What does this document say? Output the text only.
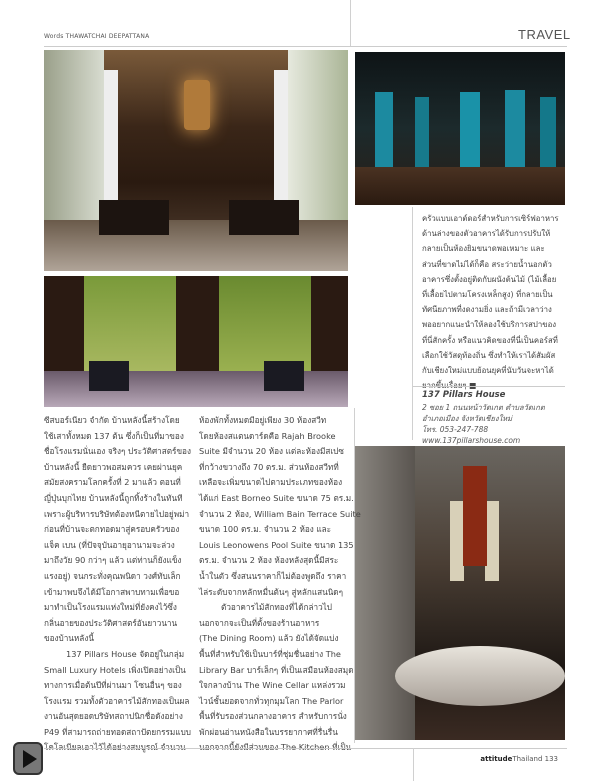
Words THAWATCHAI DEEPATTANA	TRAVEL

ครัวแบบเอาต์ดอร์สำหรับการเซิร์ฟอาหาร

ด้านล่างของตัวอาคารได้รับการปรับให้

กลายเป็นห้องยิมขนาดพอเหมาะ และ

ส่วนที่ขาดไม่ได้ก็คือ สระว่ายน้ำนอกตัว

อาคารซึ่งตั้งอยู่ติดกับผนังต้นไม้ (ไม้เลื้อย

ที่เลื้อยไปตามโครงเหล็กสูง) ที่กลายเป็น

ทัศนียภาพที่งดงามยิ่ง และถ้ามีเวลาว่าง

พออยากแนะนำให้ลองใช้บริการสปาของ

ที่นี่สักครั้ง หรือแนวคิดของที่นี่เป็นคอร์สที่

เลือกใช้วัสดุท้องถิ่น ซึ่งทำให้เราได้สัมผัส

กับเชียงใหม่แบบย้อนยุคที่นับวันจะหาได้

137 Pillars House
2 ซอย 1 ถนนหน้าวัดเกต ตำบลวัดเกต
อำเภอเมือง จังหวัดเชียงใหม่
โทร. 053-247-788
www.137pillarshouse.com

ซีสบอร์เนียว จำกัด บ้านหลังนี้สร้างโดย

ใช้เสาทั้งหมด 137 ต้น ซึ่งก็เป็นที่มาของ

ชื่อโรงแรมนั่นเอง จริงๆ ประวัติศาสตร์ของ

บ้านหลังนี้ ยืดยาวพอสมควร เคยผ่านยุค

สมัยสงครามโลกครั้งที่ 2 มาแล้ว ตอนที่

ญี่ปุ่นบุกไทย บ้านหลังนี้ถูกทิ้งร้างในทันที

เพราะผู้บริหารบริษัทต้องหนีตายไปอยู่พม่า

ก่อนที่บ้านจะตกทอดมาสู่ครอบครัวของ

แจ็ค เบน (ที่ปัจจุบันอายุอานามจะล่วง

มาถึงวัย 90 กว่าๆ แล้ว แต่ท่านก็ยังแข็ง

แรงอยู่) จนกระทั่งคุณพนิดา วงศ์ทับเล็ก

เข้ามาพบจึงได้มีโอกาสพาบทามเพื่อขอ

มาทำเป็นโรงแรมแห่งใหม่ที่ยังคงไว้ซึ่ง

กลิ่นอายของประวัติศาสตร์อันยาวนาน

ของบ้านหลังนี้

137 Pillars House จัดอยู่ในกลุ่ม

Small Luxury Hotels เพิ่งเปิดอย่างเป็น

ทางการเมื่อต้นปีที่ผ่านมา โซนอื่นๆ ของ

โรงแรม รวมทั้งตัวอาคารไม้สักทองเป็นผล

งานอันสุดยอดบริษัทสถาปนิกชื่อดังอย่าง

P49 ที่สามารถถ่ายทอดสถาปัตยกรรมแบบ

ห้องพักทั้งหมดมีอยู่เพียง 30 ห้องสวีท

โดยห้องสแตนดาร์ดคือ Rajah Brooke

Suite มีจำนวน 20 ห้อง แต่ละห้องมีสเปซ

ที่กว้างขวางถึง 70 ตร.ม. ส่วนห้องสวีทที่

เหลือจะเพิ่มขนาดไปตามประเภทของห้อง

ได้แก่ East Borneo Suite ขนาด 75 ตร.ม.

จำนวน 2 ห้อง, William Bain Terrace Suite

ขนาด 100 ตร.ม. จำนวน 2 ห้อง และ

Louis Leonowens Pool Suite ขนาด 135

ตร.ม. จำนวน 2 ห้อง ห้องหลังสุดนี้มีสระ

น้ำในตัว ซึ่งสนนราคาก็ไม่ต้องพูดถึง ราคา

ไล่ระดับจากหลักหมื่นต้นๆ สู่หลักแสนนิดๆ

ตัวอาคารไม้สักทองที่ได้กล่าวไป

นอกจากจะเป็นที่ตั้งของร้านอาหาร

(The Dining Room) แล้ว ยังได้จัดแบ่ง

พื้นที่สำหรับใช้เป็นบาร์ที่ชุ่มชื่นอย่าง The

Library Bar บาร์เล็กๆ ที่เป็นเสมือนห้องสมุด

ใจกลางบ้าน The Wine Cellar แหล่งรวม

ไวน์ชั้นยอดจากทั่วทุกมุมโลก The Parlor

พื้นที่รับรองส่วนกลางอาคาร สำหรับการนั่ง

พักผ่อนอ่านหนังสือในบรรยากาศที่รื่นรื่น

attitudeThailand 133
